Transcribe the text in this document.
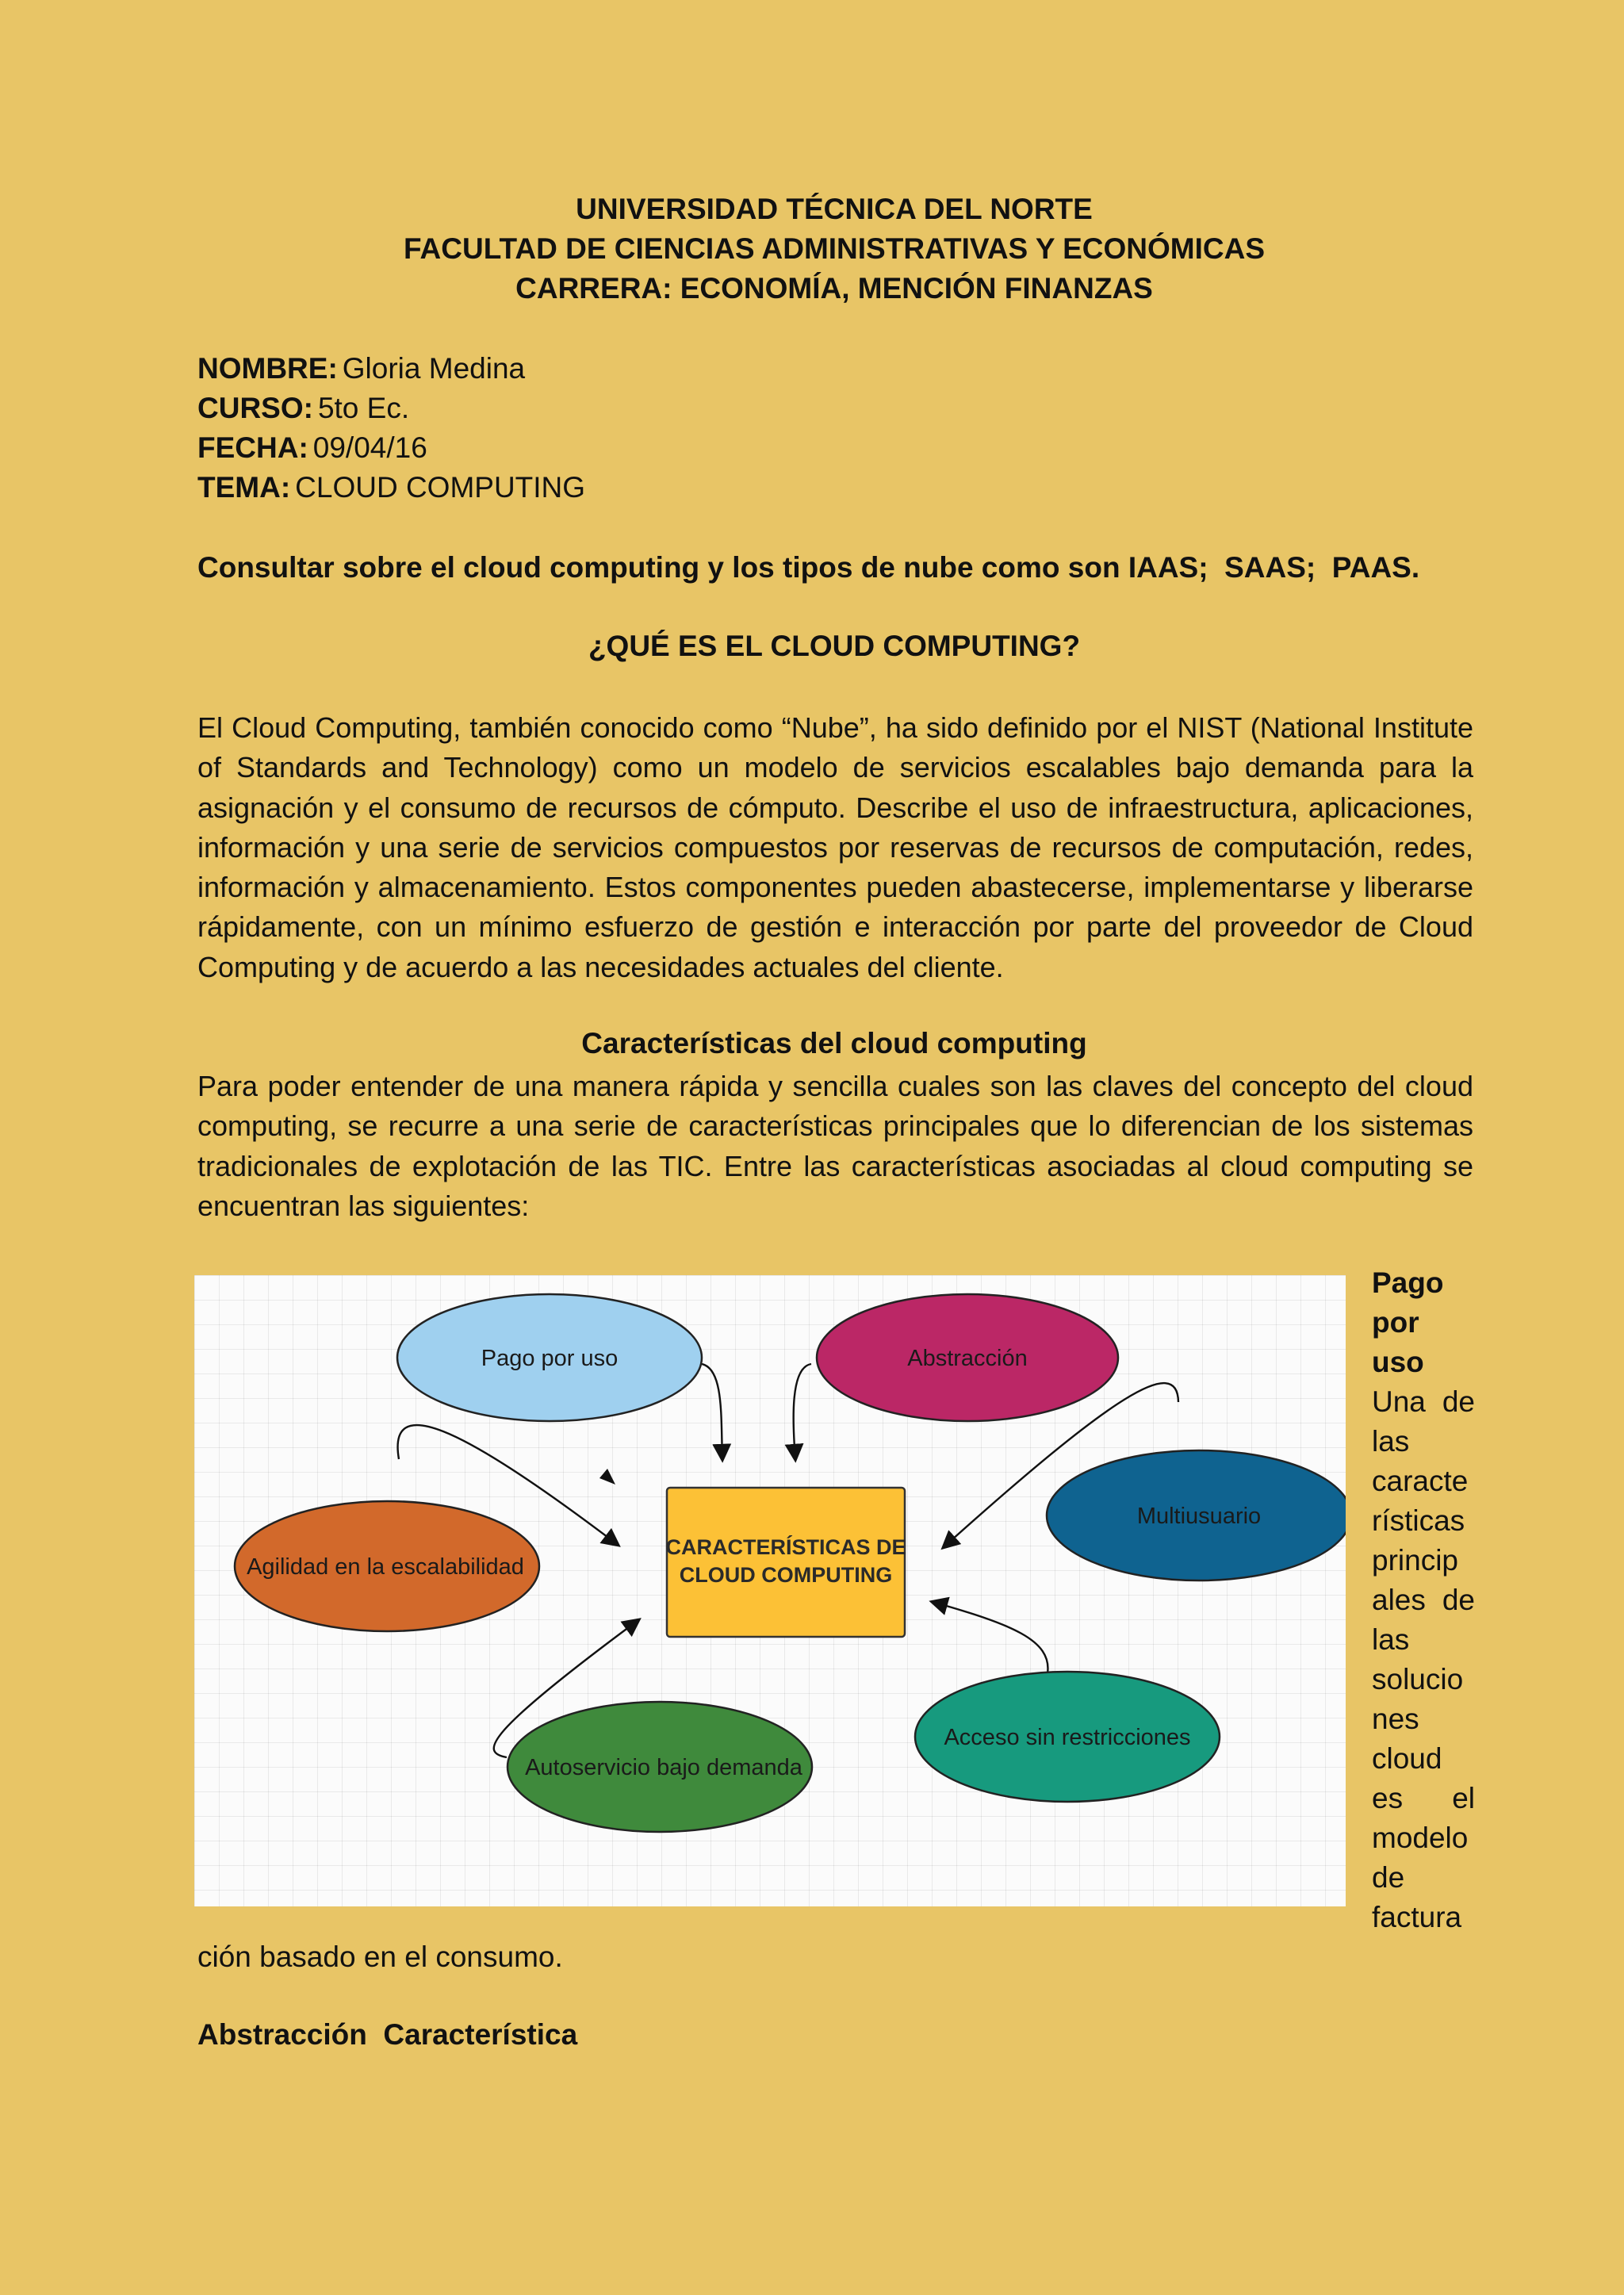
UNIVERSIDAD TÉCNICA DEL NORTE
FACULTAD DE CIENCIAS ADMINISTRATIVAS Y ECONÓMICAS
CARRERA: ECONOMÍA, MENCIÓN FINANZAS
NOMBRE: Gloria Medina
CURSO: 5to Ec.
FECHA: 09/04/16
TEMA: CLOUD COMPUTING
Consultar sobre el cloud computing y los tipos de nube como son IAAS;  SAAS;  PAAS.
¿QUÉ ES EL CLOUD COMPUTING?

El Cloud Computing, también conocido como “Nube”, ha sido definido por el NIST (National Institute of Standards and Technology) como un modelo de servicios escalables bajo demanda para la asignación y el consumo de recursos de cómputo. Describe el uso de infraestructura, aplicaciones, información y una serie de servicios compuestos por reservas de recursos de computación, redes, información y almacenamiento. Estos componentes pueden abastecerse, implementarse y liberarse rápidamente, con un mínimo esfuerzo de gestión e interacción por parte del proveedor de Cloud Computing y de acuerdo a las necesidades actuales del cliente.

Características del cloud computing

Para poder entender de una manera rápida y sencilla cuales son las claves del concepto del cloud computing, se recurre a una serie de características principales que lo diferencian de los sistemas tradicionales de explotación de las TIC. Entre las características asociadas al cloud computing se encuentran las siguientes:

CARACTERÍSTICAS DE
CLOUD COMPUTING
Pago por uso	Abstracción
Multiusuario
Acceso sin restricciones
Autoservicio bajo demanda
Agilidad en la escalabilidad
Pago
por
uso
Una de
las
caracte
rísticas
princip
ales de
las
solucio
nes
cloud
es el
modelo
de
factura
ción basado en el consumo.
Abstracción  Característica
